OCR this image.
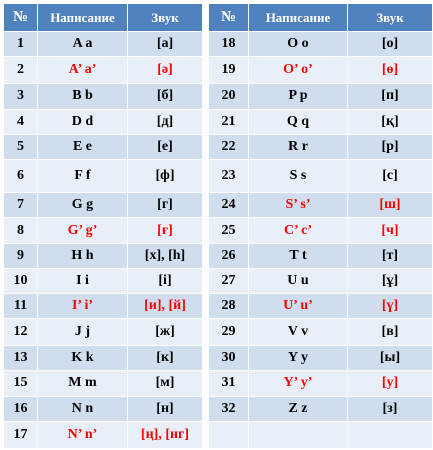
№	Написание	Звук		№	Написание	Звук
1	A a	[а]		18	O o	[о]
2	A’ a’	[ә]		19	O’ o’	[ө]
3	B b	[б]		20	P p	[п]
4	D d	[д]		21	Q q	[қ]
5	E e	[е]		22	R r	[р]
6	F f	[ф]		23	S s	[с]
7	G g	[г]		24	S’ s’	[ш]
8	G’ g’	[ғ]		25	C’ c’	[ч]
9	H h	[х], [һ]		26	T t	[т]
10	I i	[і]		27	U u	[ұ]
11	I’ i’	[и], [й]		28	U’ u’	[ү]
12	J j	[ж]		29	V v	[в]
13	K k	[к]		30	Y y	[ы]
15	M m	[м]		31	Y’ y’	[у]
16	N n	[н]		32	Z z	[з]
17	N’ n’	[ң], [нг]				
